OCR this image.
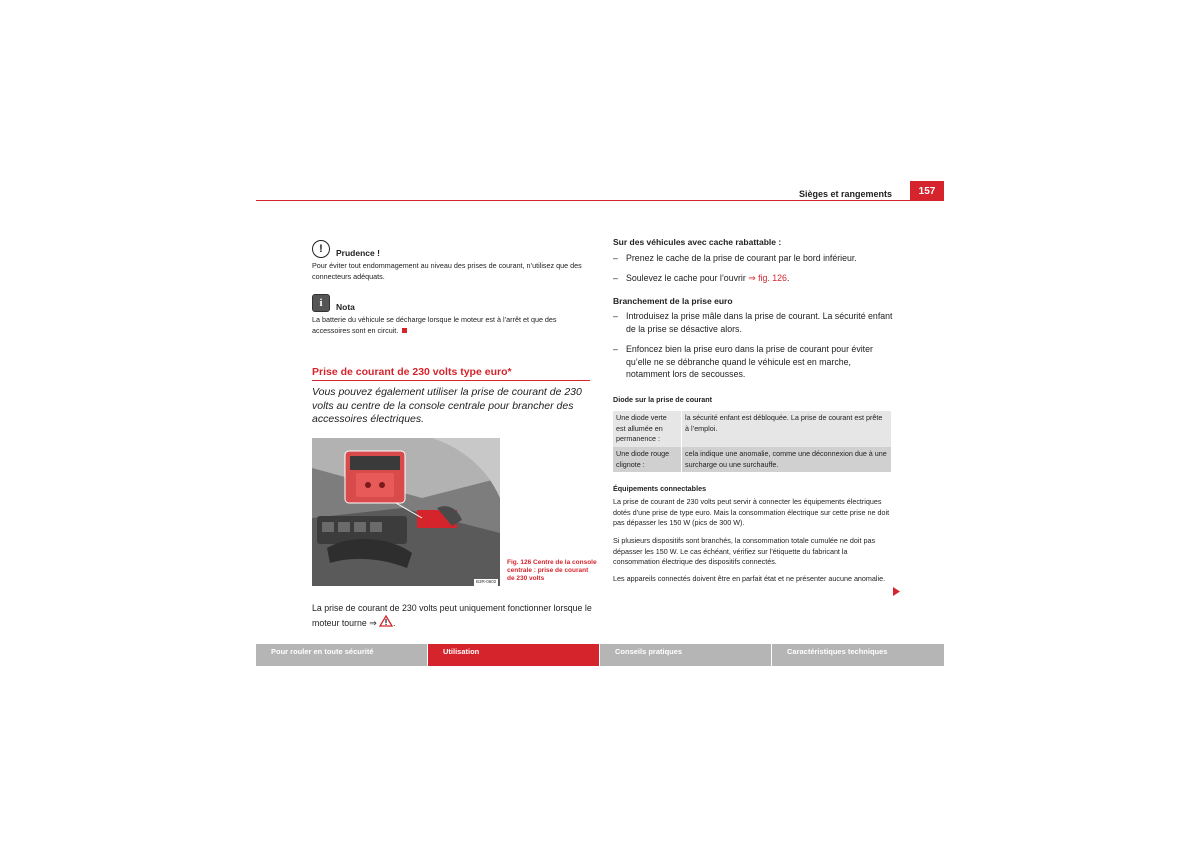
Sièges et rangements	157
! Prudence !
Pour éviter tout endommagement au niveau des prises de courant, n’utilisez que des connecteurs adéquats.
i Nota
La batterie du véhicule se décharge lorsque le moteur est à l’arrêt et que des accessoires sont en circuit.
Prise de courant de 230 volts type euro*
Vous pouvez également utiliser la prise de courant de 230 volts au centre de la console centrale pour brancher des accessoires électriques.
B3R-0602
Fig. 126 Centre de la console centrale : prise de courant de 230 volts
La prise de courant de 230 volts peut uniquement fonctionner lorsque le moteur tourne ⇒ .
Sur des véhicules avec cache rabattable :
– Prenez le cache de la prise de courant par le bord inférieur.
– Soulevez le cache pour l’ouvrir ⇒ fig. 126.
Branchement de la prise euro
– Introduisez la prise mâle dans la prise de courant. La sécurité enfant de la prise se désactive alors.
– Enfoncez bien la prise euro dans la prise de courant pour éviter qu’elle ne se débranche quand le véhicule est en marche, notamment lors de secousses.
Diode sur la prise de courant
Une diode verte est allumée en permanence :	la sécurité enfant est débloquée. La prise de courant est prête à l’emploi.
Une diode rouge clignote :	cela indique une anomalie, comme une déconnexion due à une surcharge ou une surchauffe.
Équipements connectables
La prise de courant de 230 volts peut servir à connecter les équipements électriques dotés d’une prise de type euro. Mais la consommation électrique sur cette prise ne doit pas dépasser les 150 W (pics de 300 W).
Si plusieurs dispositifs sont branchés, la consommation totale cumulée ne doit pas dépasser les 150 W. Le cas échéant, vérifiez sur l’étiquette du fabricant la consommation électrique des dispositifs connectés.
Les appareils connectés doivent être en parfait état et ne présenter aucune anomalie.
Pour rouler en toute sécurité	Utilisation	Conseils pratiques	Caractéristiques techniques
